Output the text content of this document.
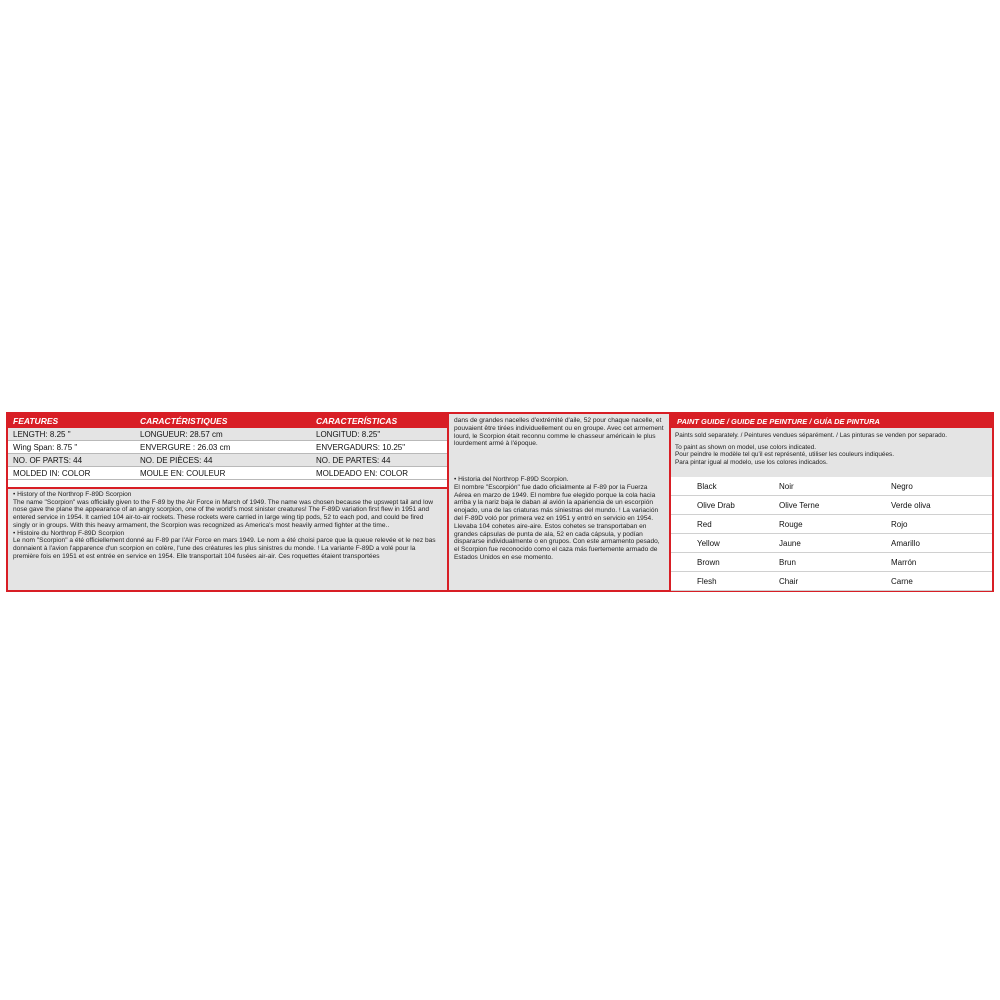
FEATURES	CARACTÉRISTIQUES	CARACTERÍSTICAS
LENGTH: 8.25 "	LONGUEUR: 28.57 cm	LONGITUD: 8.25"
Wing Span: 8.75 "	ENVERGURE : 26.03 cm	ENVERGADURS: 10.25"
NO. OF PARTS: 44	NO. DE PIÈCES: 44	NO. DE PARTES: 44
MOLDED IN: COLOR	MOULE EN: COULEUR	MOLDEADO EN: COLOR

• History of the Northrop F-89D Scorpion

The name "Scorpion" was officially given to the F-89 by the Air Force in March of 1949. The name was chosen because the upswept tail and low nose gave the plane the appearance of an angry scorpion, one of the world's most sinister creatures! The F-89D variation first flew in 1951 and entered service in 1954. It carried 104 air-to-air rockets. These rockets were carried in large wing tip pods, 52 to each pod, and could be fired singly or in groups. With this heavy armament, the Scorpion was recognized as America's most heavily armed fighter at the time..

• Histoire du Northrop F-89D Scorpion

Le nom "Scorpion" a été officiellement donné au F-89 par l'Air Force en mars 1949. Le nom a été choisi parce que la queue relevée et le nez bas donnaient à l'avion l'apparence d'un scorpion en colère, l'une des créatures les plus sinistres du monde. ! La variante F-89D a volé pour la première fois en 1951 et est entrée en service en 1954. Elle transportait 104 fusées air-air. Ces roquettes étaient transportées

dans de grandes nacelles d'extrémité d'aile, 52 pour chaque nacelle, et pouvaient être tirées individuellement ou en groupe. Avec cet armement lourd, le Scorpion était reconnu comme le chasseur américain le plus lourdement armé à l'époque.

• Historia del Northrop F-89D Scorpion.

El nombre "Escorpión" fue dado oficialmente al F-89 por la Fuerza Aérea en marzo de 1949. El nombre fue elegido porque la cola hacia arriba y la nariz baja le daban al avión la apariencia de un escorpión enojado, una de las criaturas más siniestras del mundo. ! La variación del F-89D voló por primera vez en 1951 y entró en servicio en 1954. Llevaba 104 cohetes aire-aire. Estos cohetes se transportaban en grandes cápsulas de punta de ala, 52 en cada cápsula, y podían dispararse individualmente o en grupos. Con este armamento pesado, el Scorpion fue reconocido como el caza más fuertemente armado de Estados Unidos en ese momento.

PAINT GUIDE / GUIDE DE PEINTURE / GUÍA DE PINTURA

Paints sold separately. / Peintures vendues séparément. / Las pinturas se venden por separado.

To paint as shown on model, use colors indicated.

Pour peindre le modèle tel qu'il est représenté, utiliser les couleurs indiquées.

Para pintar igual al modelo, use los colores indicados.

Black	Noir	Negro
Olive Drab	Olive Terne	Verde oliva
Red	Rouge	Rojo
Yellow	Jaune	Amarillo
Brown	Brun	Marrón
Flesh	Chair	Carne
